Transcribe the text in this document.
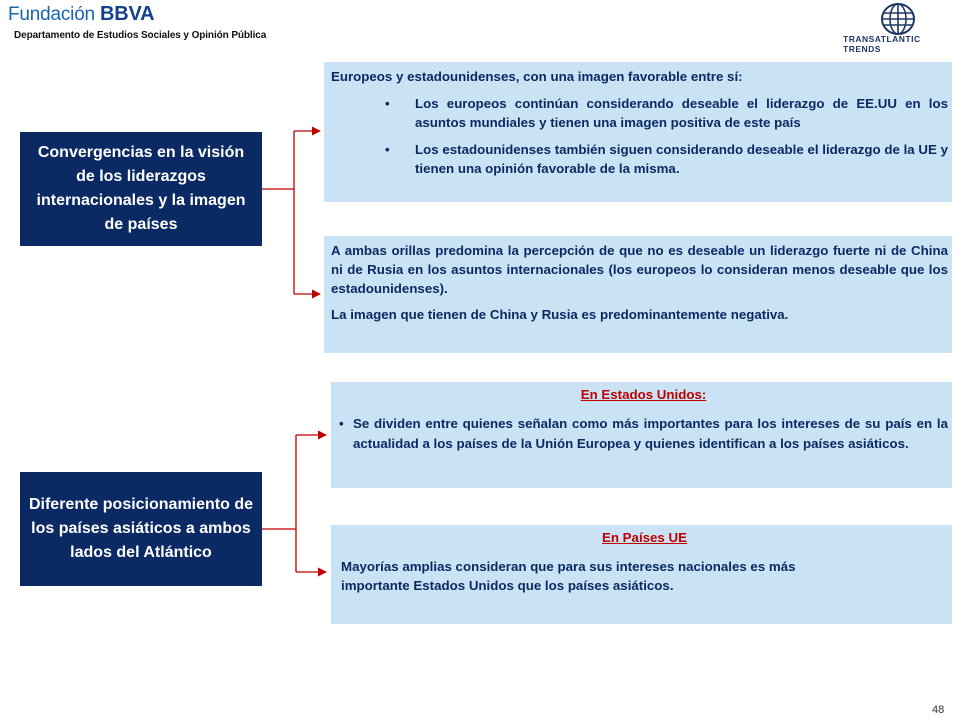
Fundación BBVA
Departamento de Estudios Sociales y Opinión Pública	TRANSATLANTIC TRENDS
Convergencias en la visión de los liderazgos internacionales y la imagen de países
Diferente posicionamiento de los países asiáticos a ambos lados del Atlántico

Europeos y estadounidenses, con una imagen favorable entre sí:

•	Los europeos continúan considerando deseable el liderazgo de EE.UU en los asuntos mundiales y tienen una imagen positiva de este país

•	Los estadounidenses también siguen considerando deseable el liderazgo de la UE y tienen una opinión favorable de la misma.

A ambas orillas predomina la percepción de que no es deseable un liderazgo fuerte ni de China ni de Rusia en los asuntos internacionales (los europeos lo consideran menos deseable que los estadounidenses).

La imagen que tienen de China y Rusia es predominantemente negativa.

En Estados Unidos:

• Se dividen entre quienes señalan como más importantes para los intereses de su país en la actualidad a los países de la Unión Europea y quienes identifican a los países asiáticos.

En Países UE

Mayorías amplias consideran que para sus intereses nacionales es más importante Estados Unidos que los países asiáticos.

48
